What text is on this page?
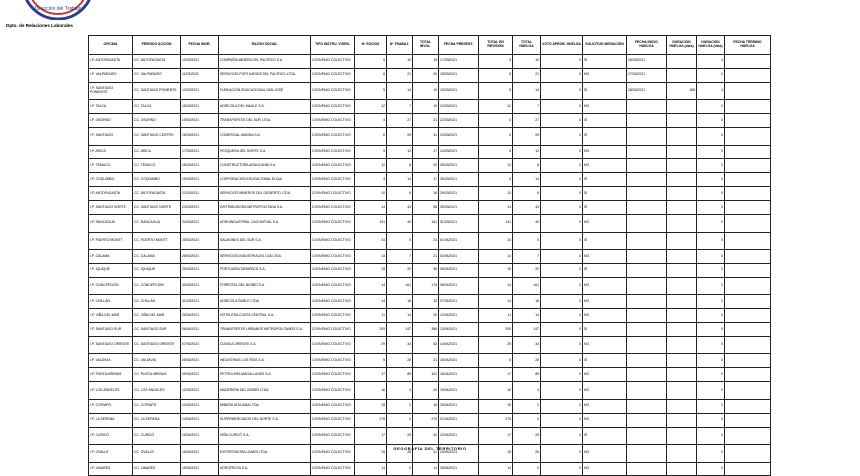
Dirección del Trabajo
Dpto. de Relaciones Laborales
OFICINA	PERIODO ACCIÓN	FECHA INGR.	RAZÓN SOCIAL	TIPO INSTRU. VIGEN.	Nº SOCIOS	Nº TRABAJ.	TOTAL INVOL.	FECHA PRESENT.	TOTAL EN REVISIÓN	TOTAL HUELGA	VOTO APROB. HUELGA	SOLICITUD MEDIACIÓN	FECHA INICIO HUELGA	DURACIÓN HUELGA (días)	DURACIÓN HUELGA (días)	FECHA TÉRMINO HUELGA
I.P. ANTOFAGASTA	CC. ANTOFAGASTA	10/03/2021	COMPAÑÍA MINERA DEL PACÍFICO S.A.	CONVENIO COLECTIVO	5	10	15	17/03/2021	5	10	0	SÍ	26/03/2021		4	
I.P. VALPARAÍSO	CC. VALPARAÍSO	11/03/2021	SERVICIOS PORTUARIOS DEL PACÍFICO LTDA.	CONVENIO COLECTIVO	8	21	29	18/03/2021	8	21	0	NO	27/03/2021		2	
I.P. SANTIAGO PONIENTE	CC. SANTIAGO PONIENTE	12/03/2021	FUNDACIÓN EDUCACIONAL SAN JOSÉ	CONVENIO COLECTIVO	5	14	19	19/03/2021	5	14	0	SÍ	28/03/2021	168	4	
I.P. TALCA	CC. TALCA	15/03/2021	AGRÍCOLA DEL MAULE S.A.	CONVENIO COLECTIVO	12	7	19	22/03/2021	12	7	0	NO			0	
I.P. OSORNO	CC. OSORNO	15/03/2021	TRANSPORTES DEL SUR LTDA.	CONVENIO COLECTIVO	4	27	31	22/03/2021	4	27	0	SÍ			0	
I.P. SANTIAGO	CC. SANTIAGO CENTRO	16/03/2021	COMERCIAL ANDINA S.A.	CONVENIO COLECTIVO	6	25	31	23/03/2021	6	25	0	SÍ			0	
I.P. ARICA	CC. ARICA	17/03/2021	PESQUERA DEL NORTE S.A.	CONVENIO COLECTIVO	5	12	17	24/03/2021	5	12	0	NO			0	
I.P. TEMUCO	CC. TEMUCO	18/03/2021	CONSTRUCTORA ARAUCANÍA S.A.	CONVENIO COLECTIVO	12	8	20	25/03/2021	12	8	0	NO			0	
I.P. COQUIMBO	CC. COQUIMBO	19/03/2021	CORPORACIÓN EDUCACIONAL ELQUI	CONVENIO COLECTIVO	3	14	17	26/03/2021	3	14	0	SÍ			0	
I.P. ANTOFAGASTA	CC. ANTOFAGASTA	22/03/2021	SERVICIOS MINEROS DEL DESIERTO LTDA.	CONVENIO COLECTIVO	10	6	16	29/03/2021	10	6	0	SÍ			0	
I.P. SANTIAGO NORTE	CC. SANTIAGO NORTE	23/03/2021	DISTRIBUIDORA METROPOLITANA S.A.	CONVENIO COLECTIVO	14	44	58	30/03/2021	14	44	0	SÍ			0	
I.P. RANCAGUA	CC. RANCAGUA	24/03/2021	AGROINDUSTRIAL CACHAPOAL S.A.	CONVENIO COLECTIVO	141	40	181	31/03/2021	141	40	0	NO			0	
I.P. PUERTO MONTT	CC. PUERTO MONTT	25/03/2021	SALMONES DEL SUR S.A.	CONVENIO COLECTIVO	24	0	24	01/04/2021	24	0	0	SÍ			0	
I.P. CALAMA	CC. CALAMA	26/03/2021	SERVICIOS INDUSTRIALES LOA LTDA.	CONVENIO COLECTIVO	14	7	21	02/04/2021	14	7	0	NO			0	
I.P. IQUIQUE	CC. IQUIQUE	29/03/2021	PORTUARIA TARAPACÁ S.A.	CONVENIO COLECTIVO	15	20	35	05/04/2021	15	20	0	SÍ			0	
I.P. CONCEPCIÓN	CC. CONCEPCIÓN	30/03/2021	FORESTAL DEL BIOBÍO S.A.	CONVENIO COLECTIVO	14	161	175	06/04/2021	14	161	0	NO			0	
I.P. CHILLÁN	CC. CHILLÁN	31/03/2021	AGRÍCOLA ÑUBLE LTDA.	CONVENIO COLECTIVO	14	18	32	07/04/2021	14	18	0	NO			0	
I.P. VIÑA DEL MAR	CC. VIÑA DEL MAR	05/04/2021	HOTELERA COSTA CENTRAL S.A.	CONVENIO COLECTIVO	11	14	25	12/04/2021	11	14	0	NO			0	
I.P. SANTIAGO SUR	CC. SANTIAGO SUR	06/04/2021	TRANSPORTES URBANOS METROPOLITANOS S.A.	CONVENIO COLECTIVO	209	147	356	13/04/2021	209	147	0	SÍ			0	
I.P. SANTIAGO ORIENTE	CC. SANTIAGO ORIENTE	07/04/2021	CLÍNICA ORIENTE S.A.	CONVENIO COLECTIVO	29	34	63	14/04/2021	29	34	0	NO			0	
I.P. VALDIVIA	CC. VALDIVIA	08/04/2021	INDUSTRIAS LOS RÍOS S.A.	CONVENIO COLECTIVO	5	26	31	15/04/2021	5	26	0	SÍ			0	
I.P. PUNTA ARENAS	CC. PUNTA ARENAS	09/04/2021	PETROLERA MAGALLANES S.A.	CONVENIO COLECTIVO	17	85	102	16/04/2021	17	85	0	NO			0	
I.P. LOS ÁNGELES	CC. LOS ÁNGELES	12/04/2021	MADERERA DEL BIOBÍO LTDA.	CONVENIO COLECTIVO	16	4	20	19/04/2021	16	4	0	NO			0	
I.P. COPIAPÓ	CC. COPIAPÓ	13/04/2021	MINERA ATACAMA LTDA.	CONVENIO COLECTIVO	15	0	15	20/04/2021	15	0	0	NO			0	
I.P. LA SERENA	CC. LA SERENA	14/04/2021	SUPERMERCADOS DEL NORTE S.A.	CONVENIO COLECTIVO	275	0	275	21/04/2021	275	0	0	NO			0	
I.P. CURICÓ	CC. CURICÓ	15/04/2021	VIÑA CURICÓ S.A.	CONVENIO COLECTIVO	17	25	42	22/04/2021	17	25	0	SÍ			0	
I.P. OVALLE	CC. OVALLE	16/04/2021	EXPORTADORA LIMARÍ LTDA.	CONVENIO COLECTIVO	15	26	41	23/04/2021	15	26	0	NO			0	
I.P. LINARES	CC. LINARES	19/04/2021	AGROFRUTA S.A.	CONVENIO COLECTIVO	14	0	14	26/04/2021	14	0	0	NO			0	
GEOGRAFÍA DEL TERRITORIO
